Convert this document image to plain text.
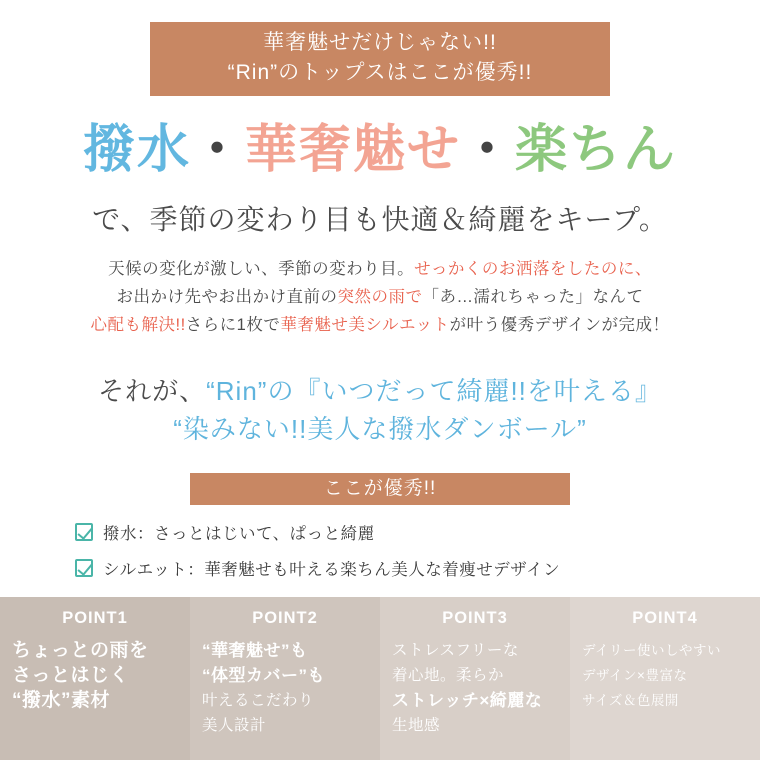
華奢魅せだけじゃない!!
“Rin”のトップスはここが優秀!!
撥水・華奢魅せ・楽ちん
で、季節の変わり目も快適＆綺麗をキープ。
天候の変化が激しい、季節の変わり目。せっかくのお洒落をしたのに、
お出かけ先やお出かけ直前の突然の雨で「あ…濡れちゃった」なんて
心配も解決!!さらに1枚で華奢魅せ美シルエットが叶う優秀デザインが完成！
それが、“Rin”の『いつだって綺麗!!を叶える』
“染みない!!美人な撥水ダンボール”
ここが優秀!!
撥水：さっとはじいて、ぱっと綺麗
シルエット：華奢魅せも叶える楽ちん美人な着痩せデザイン
POINT1
ちょっとの雨を
さっとはじく
“撥水”素材
POINT2
“華奢魅せ”も
“体型カバー”も
叶えるこだわり
美人設計
POINT3
ストレスフリーな
着心地。柔らか
ストレッチ×綺麗な
生地感
POINT4
デイリー使いしやすい
デザイン×豊富な
サイズ＆色展開
